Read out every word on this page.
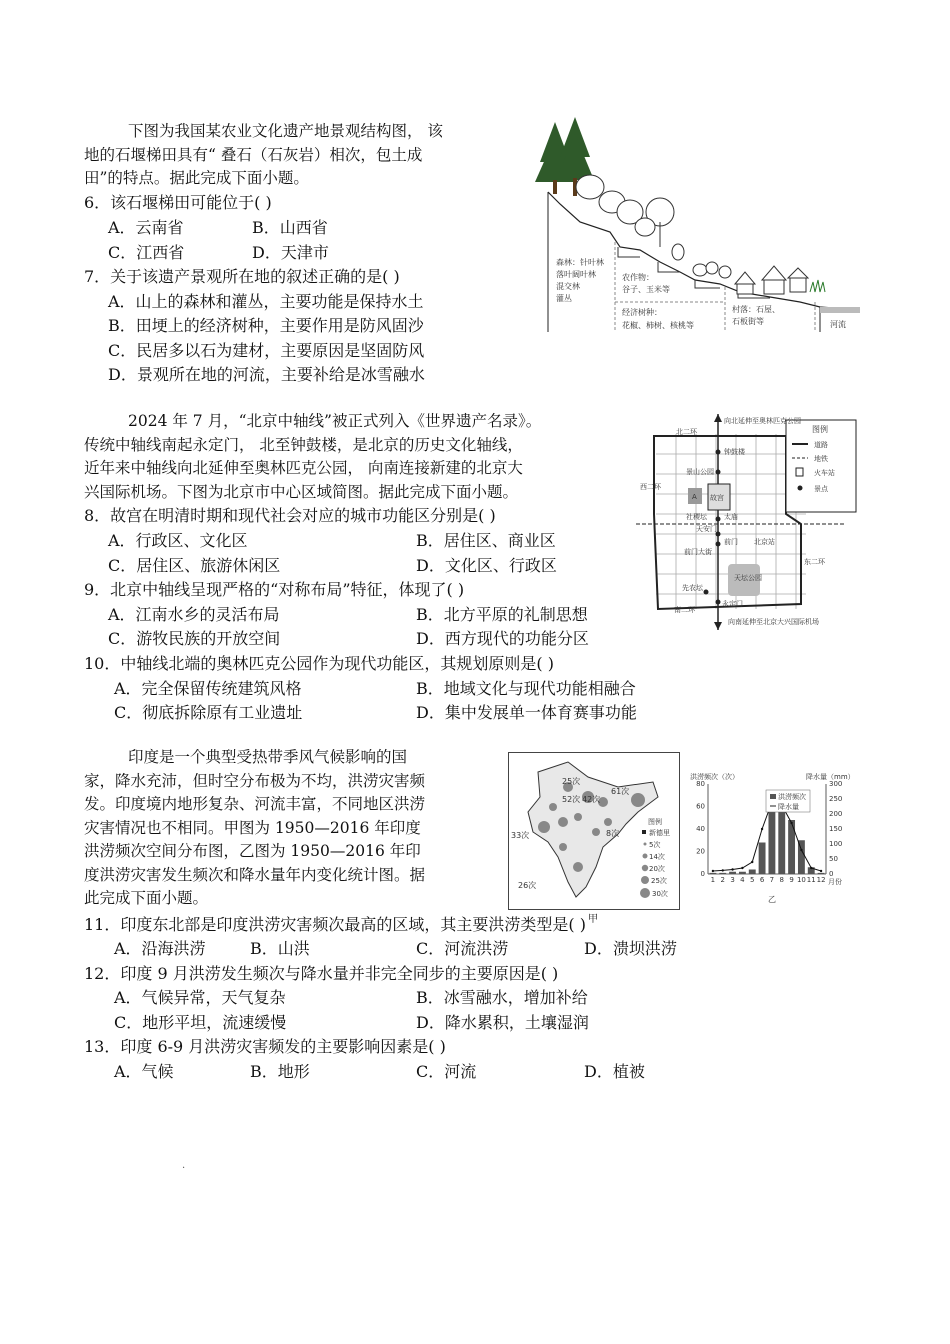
下图为我国某农业文化遗产地景观结构图， 该
地的石堰梯田具有“ 叠石（石灰岩）相次，包土成
田”的特点。据此完成下面小题。
6．该石堰梯田可能位于( )
A．云南省	B．山西省
C．江西省	D．天津市
7．关于该遗产景观所在地的叙述正确的是( )
A．山上的森林和灌丛，主要功能是保持水土
B．田埂上的经济树种，主要作用是防风固沙
C．民居多以石为建材，主要原因是坚固防风
D．景观所在地的河流，主要补给是冰雪融水
森林：针叶林
落叶阔叶林
混交林
灌丛
农作物：
谷子、玉米等
经济树种：
花椒、柿树、核桃等
村落：石屋、
石板街等	河流
2024 年 7 月，“北京中轴线”被正式列入《世界遗产名录》。
传统中轴线南起永定门， 北至钟鼓楼，是北京的历史文化轴线，
近年来中轴线向北延伸至奥林匹克公园， 向南连接新建的北京大
兴国际机场。下图为北京市中心区域简图。据此完成下面小题。
8．故宫在明清时期和现代社会对应的城市功能区分别是( )
A．行政区、文化区	B．居住区、商业区
C．居住区、旅游休闲区	D．文化区、行政区
9．北京中轴线呈现严格的“对称布局”特征，体现了( )
A．江南水乡的灵活布局	B．北方平原的礼制思想
C．游牧民族的开放空间	D．西方现代的功能分区
10．中轴线北端的奥林匹克公园作为现代功能区，其规划原则是( )
A．完全保留传统建筑风格	B．地域文化与现代功能相融合
C．彻底拆除原有工业遗址	D．集中发展单一体育赛事功能
A
图例
道路
地铁
火车站
景点
向北延伸至奥林匹克公园
向南延伸至北京大兴国际机场
北二环
西二环
东二环
南二环
钟鼓楼
景山公园
故宫
社稷坛 太庙
天安门
前门 北京站
前门大街
天坛公园
先农坛
永定门
印度是一个典型受热带季风气候影响的国
家，降水充沛，但时空分布极为不均，洪涝灾害频
发。印度境内地形复杂、河流丰富，不同地区洪涝
灾害情况也不相同。甲图为 1950—2016 年印度
洪涝频次空间分布图，乙图为 1950—2016 年印
度洪涝灾害发生频次和降水量年内变化统计图。据
此完成下面小题。
25次
52次 42次
61次
33次	8次
26次
图例
新德里
5次
14次
20次
25次
30次
甲
洪涝频次（次）	降水量（mm）
0
20
40
60
80
0
50
100
150
200
250
300
1 2 3 4 5 6 7 8 9 10 11 12
洪涝频次
降水量
月份
乙
11．印度东北部是印度洪涝灾害频次最高的区域，其主要洪涝类型是( )
A．沿海洪涝	B．山洪	C．河流洪涝	D．溃坝洪涝
12．印度 9 月洪涝发生频次与降水量并非完全同步的主要原因是( )
A．气候异常，天气复杂	B．冰雪融水，增加补给
C．地形平坦，流速缓慢	D．降水累积，土壤湿润
13．印度 6-9 月洪涝灾害频发的主要影响因素是( )
A．气候	B．地形	C．河流	D．植被
.
